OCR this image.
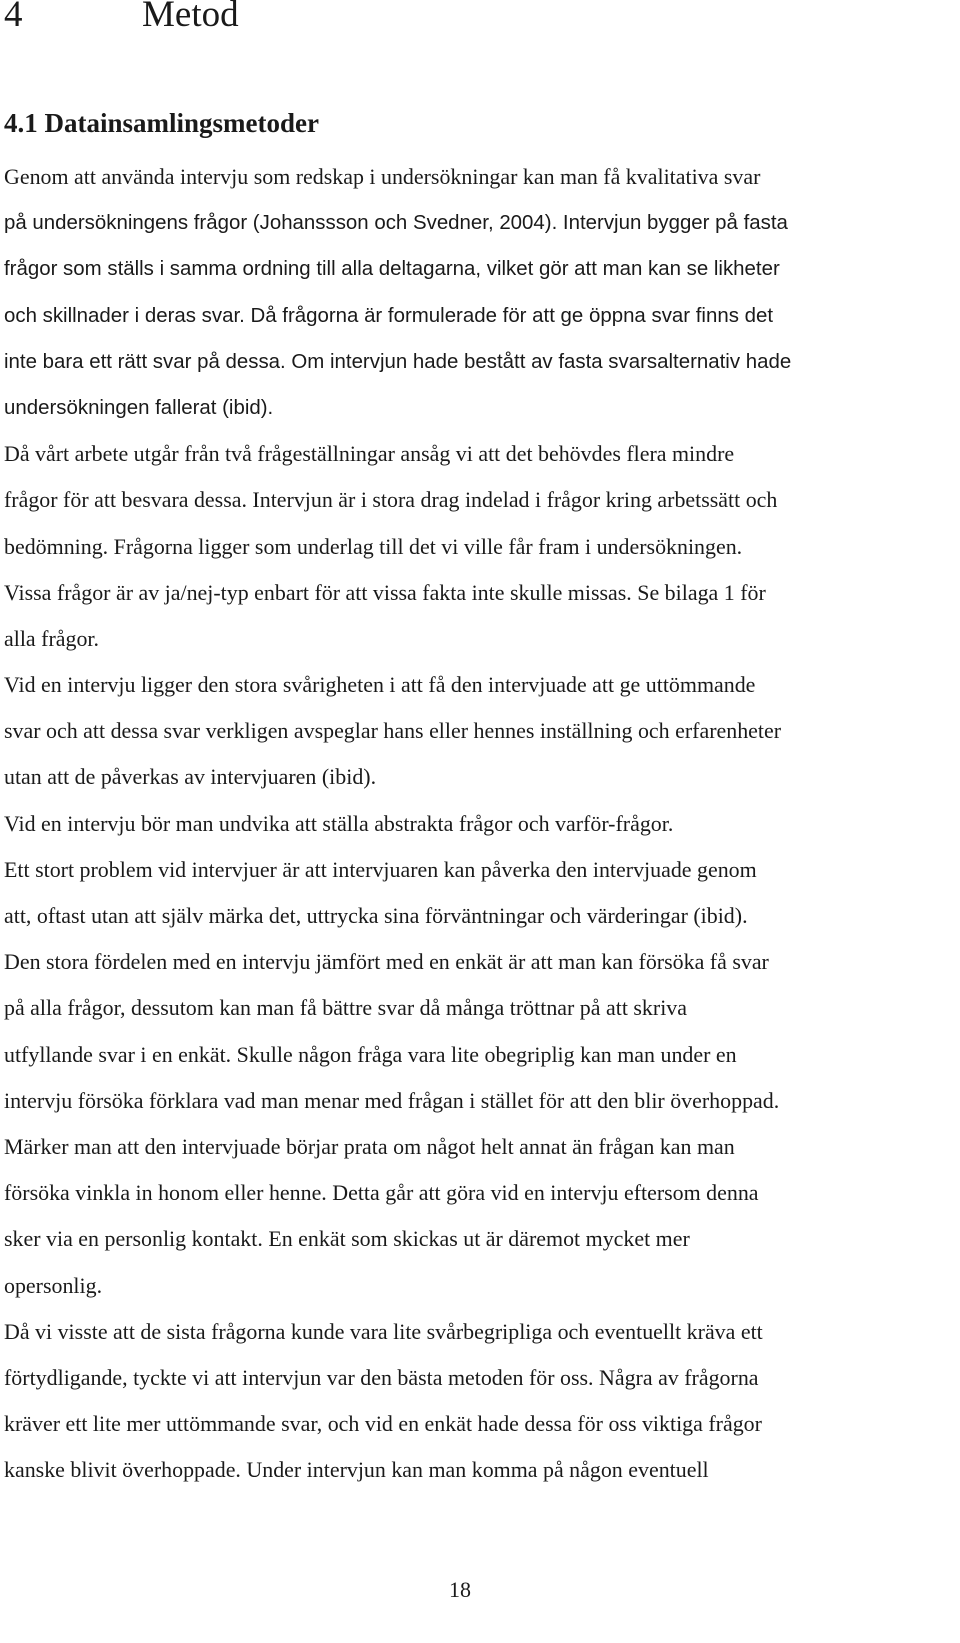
4	Metod
4.1 Datainsamlingsmetoder
Genom att använda intervju som redskap i undersökningar kan man få kvalitativa svar
på undersökningens frågor (Johanssson och Svedner, 2004). Intervjun bygger på fasta
frågor som ställs i samma ordning till alla deltagarna, vilket gör att man kan se likheter
och skillnader i deras svar. Då frågorna är formulerade för att ge öppna svar finns det
inte bara ett rätt svar på dessa. Om intervjun hade bestått av fasta svarsalternativ hade
undersökningen fallerat (ibid).
Då vårt arbete utgår från två frågeställningar ansåg vi att det behövdes flera mindre
frågor för att besvara dessa. Intervjun är i stora drag indelad i frågor kring arbetssätt och
bedömning. Frågorna ligger som underlag till det vi ville får fram i undersökningen.
Vissa frågor är av ja/nej-typ enbart för att vissa fakta inte skulle missas. Se bilaga 1 för
alla frågor.
Vid en intervju ligger den stora svårigheten i att få den intervjuade att ge uttömmande
svar och att dessa svar verkligen avspeglar hans eller hennes inställning och erfarenheter
utan att de påverkas av intervjuaren (ibid).
Vid en intervju bör man undvika att ställa abstrakta frågor och varför-frågor.
Ett stort problem vid intervjuer är att intervjuaren kan påverka den intervjuade genom
att, oftast utan att själv märka det, uttrycka sina förväntningar och värderingar (ibid).
Den stora fördelen med en intervju jämfört med en enkät är att man kan försöka få svar
på alla frågor, dessutom kan man få bättre svar då många tröttnar på att skriva
utfyllande svar i en enkät. Skulle någon fråga vara lite obegriplig kan man under en
intervju försöka förklara vad man menar med frågan i stället för att den blir överhoppad.
Märker man att den intervjuade börjar prata om något helt annat än frågan kan man
försöka vinkla in honom eller henne. Detta går att göra vid en intervju eftersom denna
sker via en personlig kontakt. En enkät som skickas ut är däremot mycket mer
opersonlig.
Då vi visste att de sista frågorna kunde vara lite svårbegripliga och eventuellt kräva ett
förtydligande, tyckte vi att intervjun var den bästa metoden för oss. Några av frågorna
kräver ett lite mer uttömmande svar, och vid en enkät hade dessa för oss viktiga frågor
kanske blivit överhoppade. Under intervjun kan man komma på någon eventuell
18
